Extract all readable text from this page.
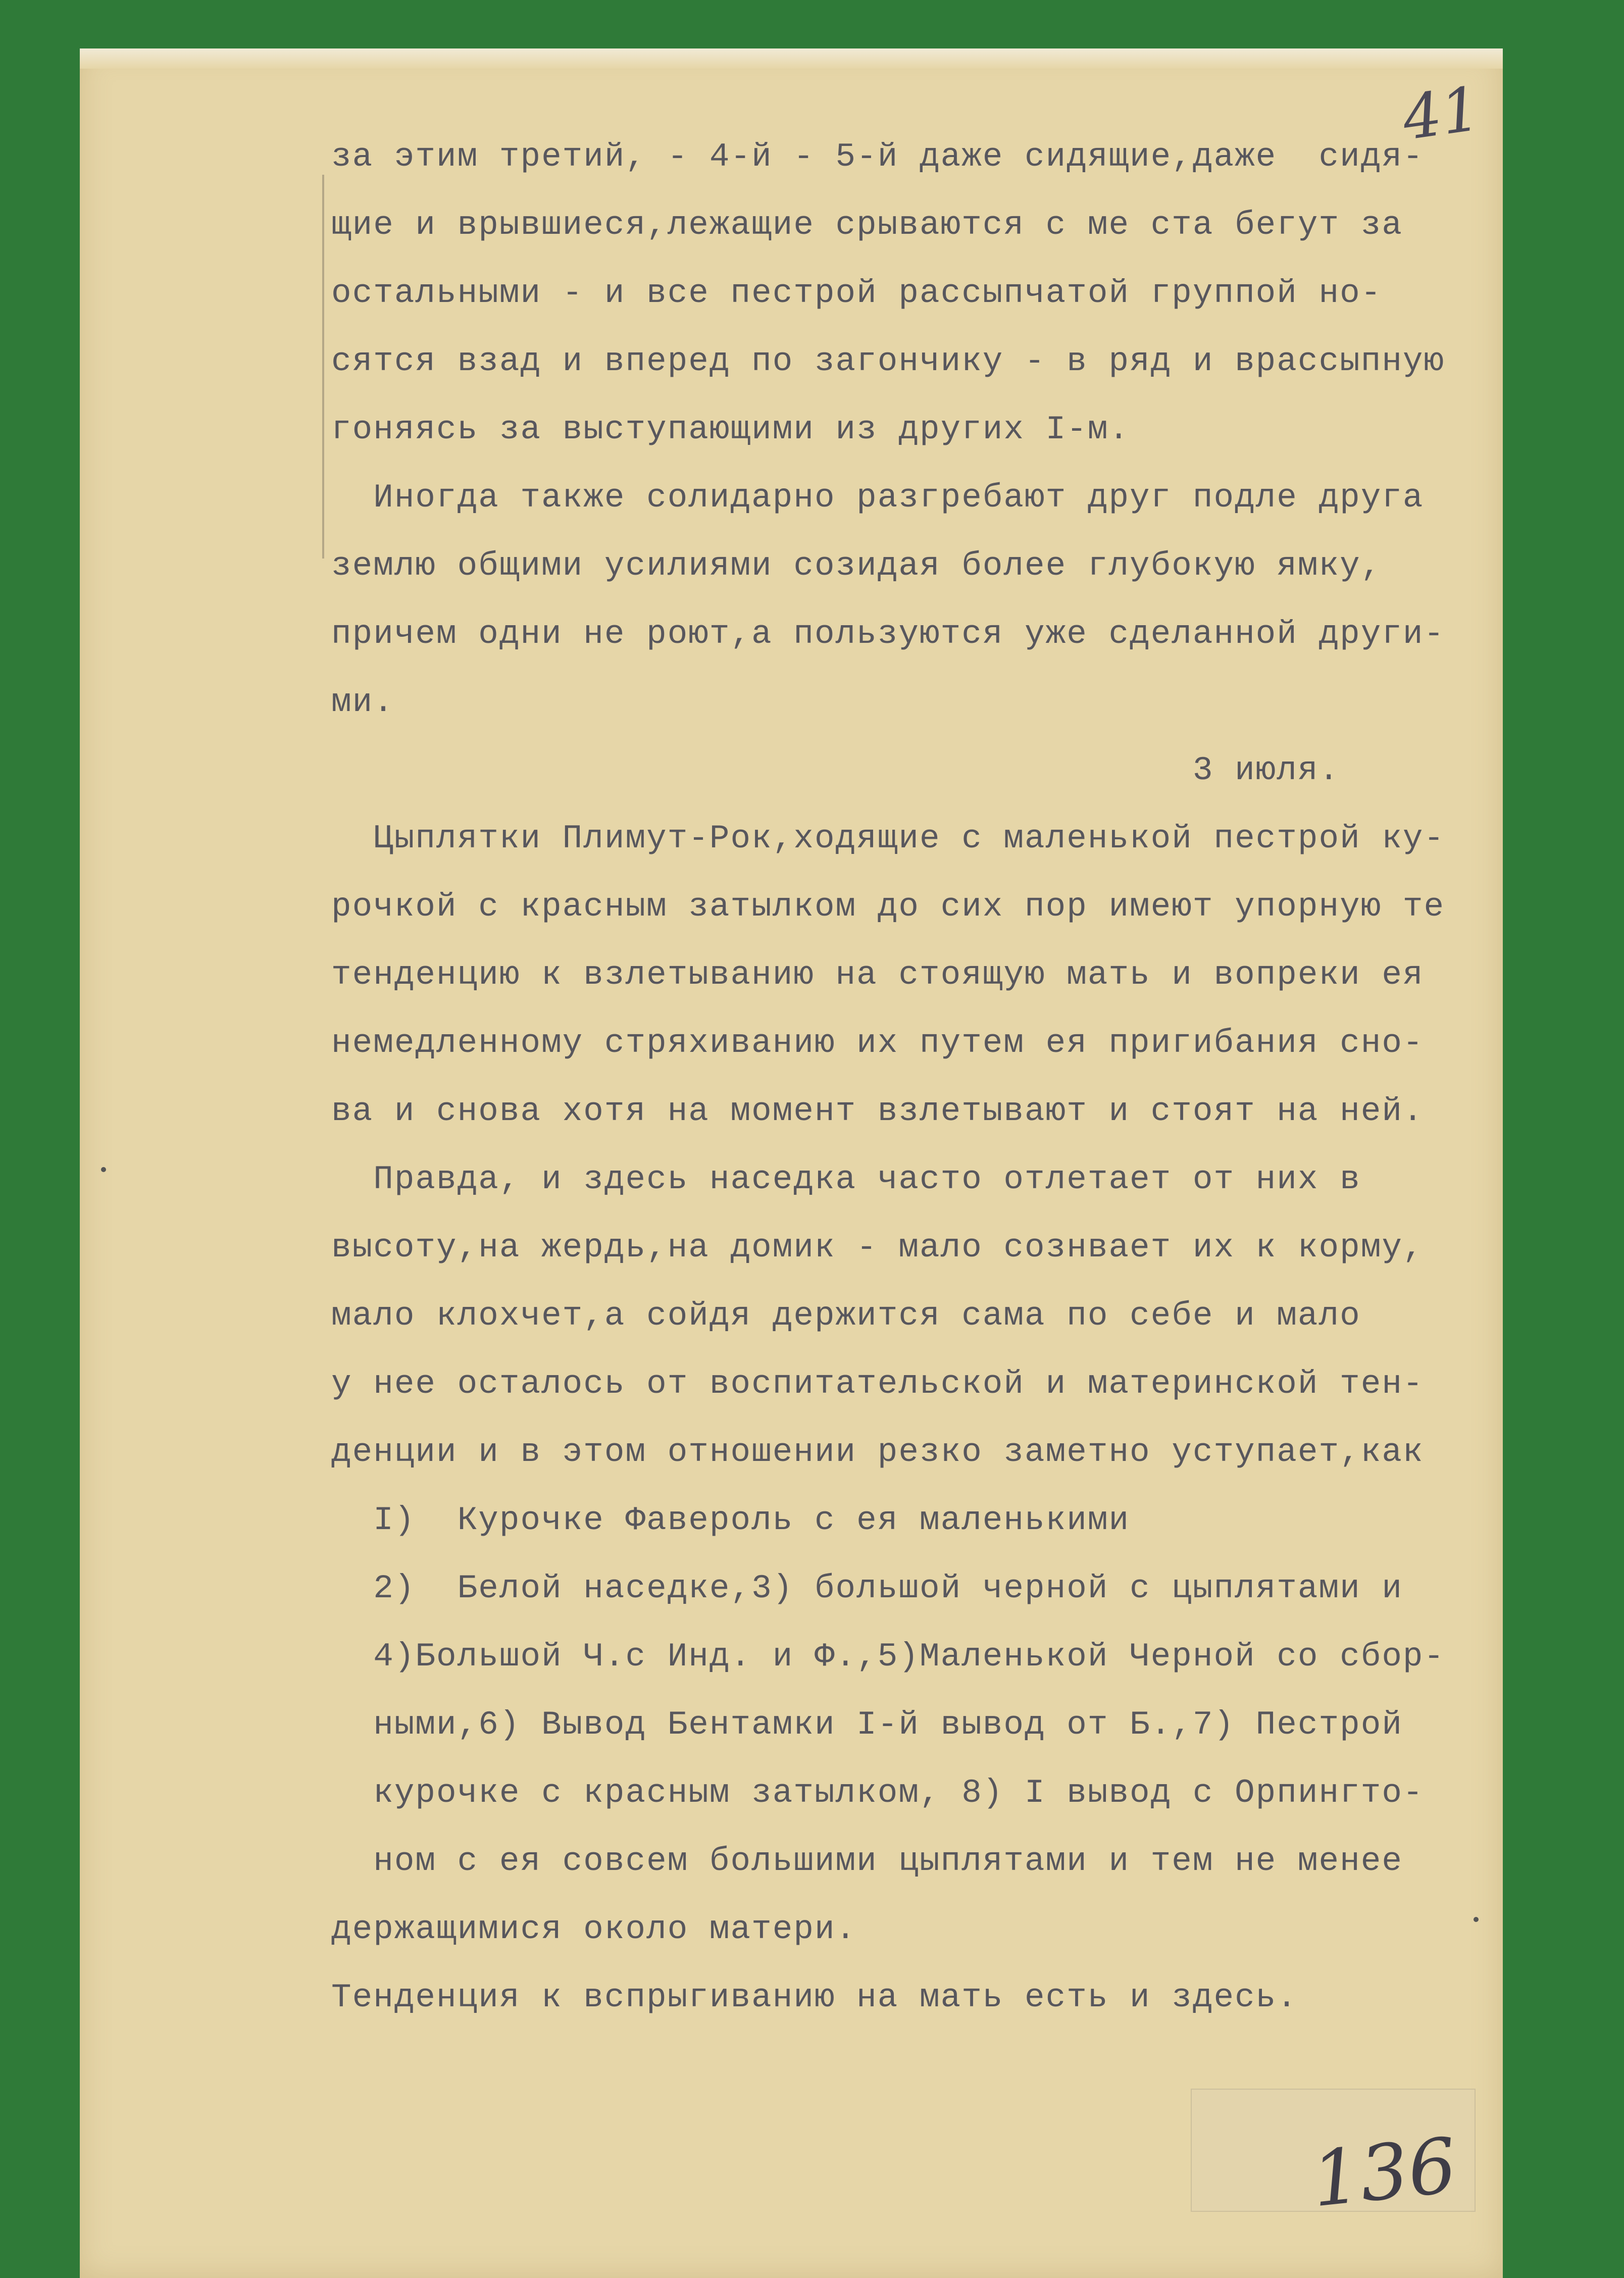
41
за этим третий, - 4-й - 5-й даже сидящие,даже  сидя-
щие и врывшиеся,лежащие срываются с ме ста бегут за
остальными - и все пестрой рассыпчатой группой но-
сятся взад и вперед по загончику - в ряд и врассыпную
гоняясь за выступающими из других I-м.
Иногда также солидарно разгребают друг подле друга
землю общими усилиями созидая более глубокую ямку,
причем одни не роют,а пользуются уже сделанной други-
ми.
3 июля.
Цыплятки Плимут-Рок,ходящие с маленькой пестрой ку-
рочкой с красным затылком до сих пор имеют упорную те
тенденцию к взлетыванию на стоящую мать и вопреки ея
немедленному стряхиванию их путем ея пригибания сно-
ва и снова хотя на момент взлетывают и стоят на ней.
Правда, и здесь наседка часто отлетает от них в
высоту,на жердь,на домик - мало сознвает их к корму,
мало клохчет,а сойдя держится сама по себе и мало
у нее осталось от воспитательской и материнской тен-
денции и в этом отношении резко заметно уступает,как
I)  Курочке Фавероль с ея маленькими
2)  Белой наседке,3) большой черной с цыплятами и
4)Большой Ч.с Инд. и Ф.,5)Маленькой Черной со сбор-
ными,6) Вывод Бентамки I-й вывод от Б.,7) Пестрой
курочке с красным затылком, 8) I вывод с Орпингто-
ном с ея совсем большими цыплятами и тем не менее
держащимися около матери.
Тенденция к вспрыгиванию на мать есть и здесь.
136
